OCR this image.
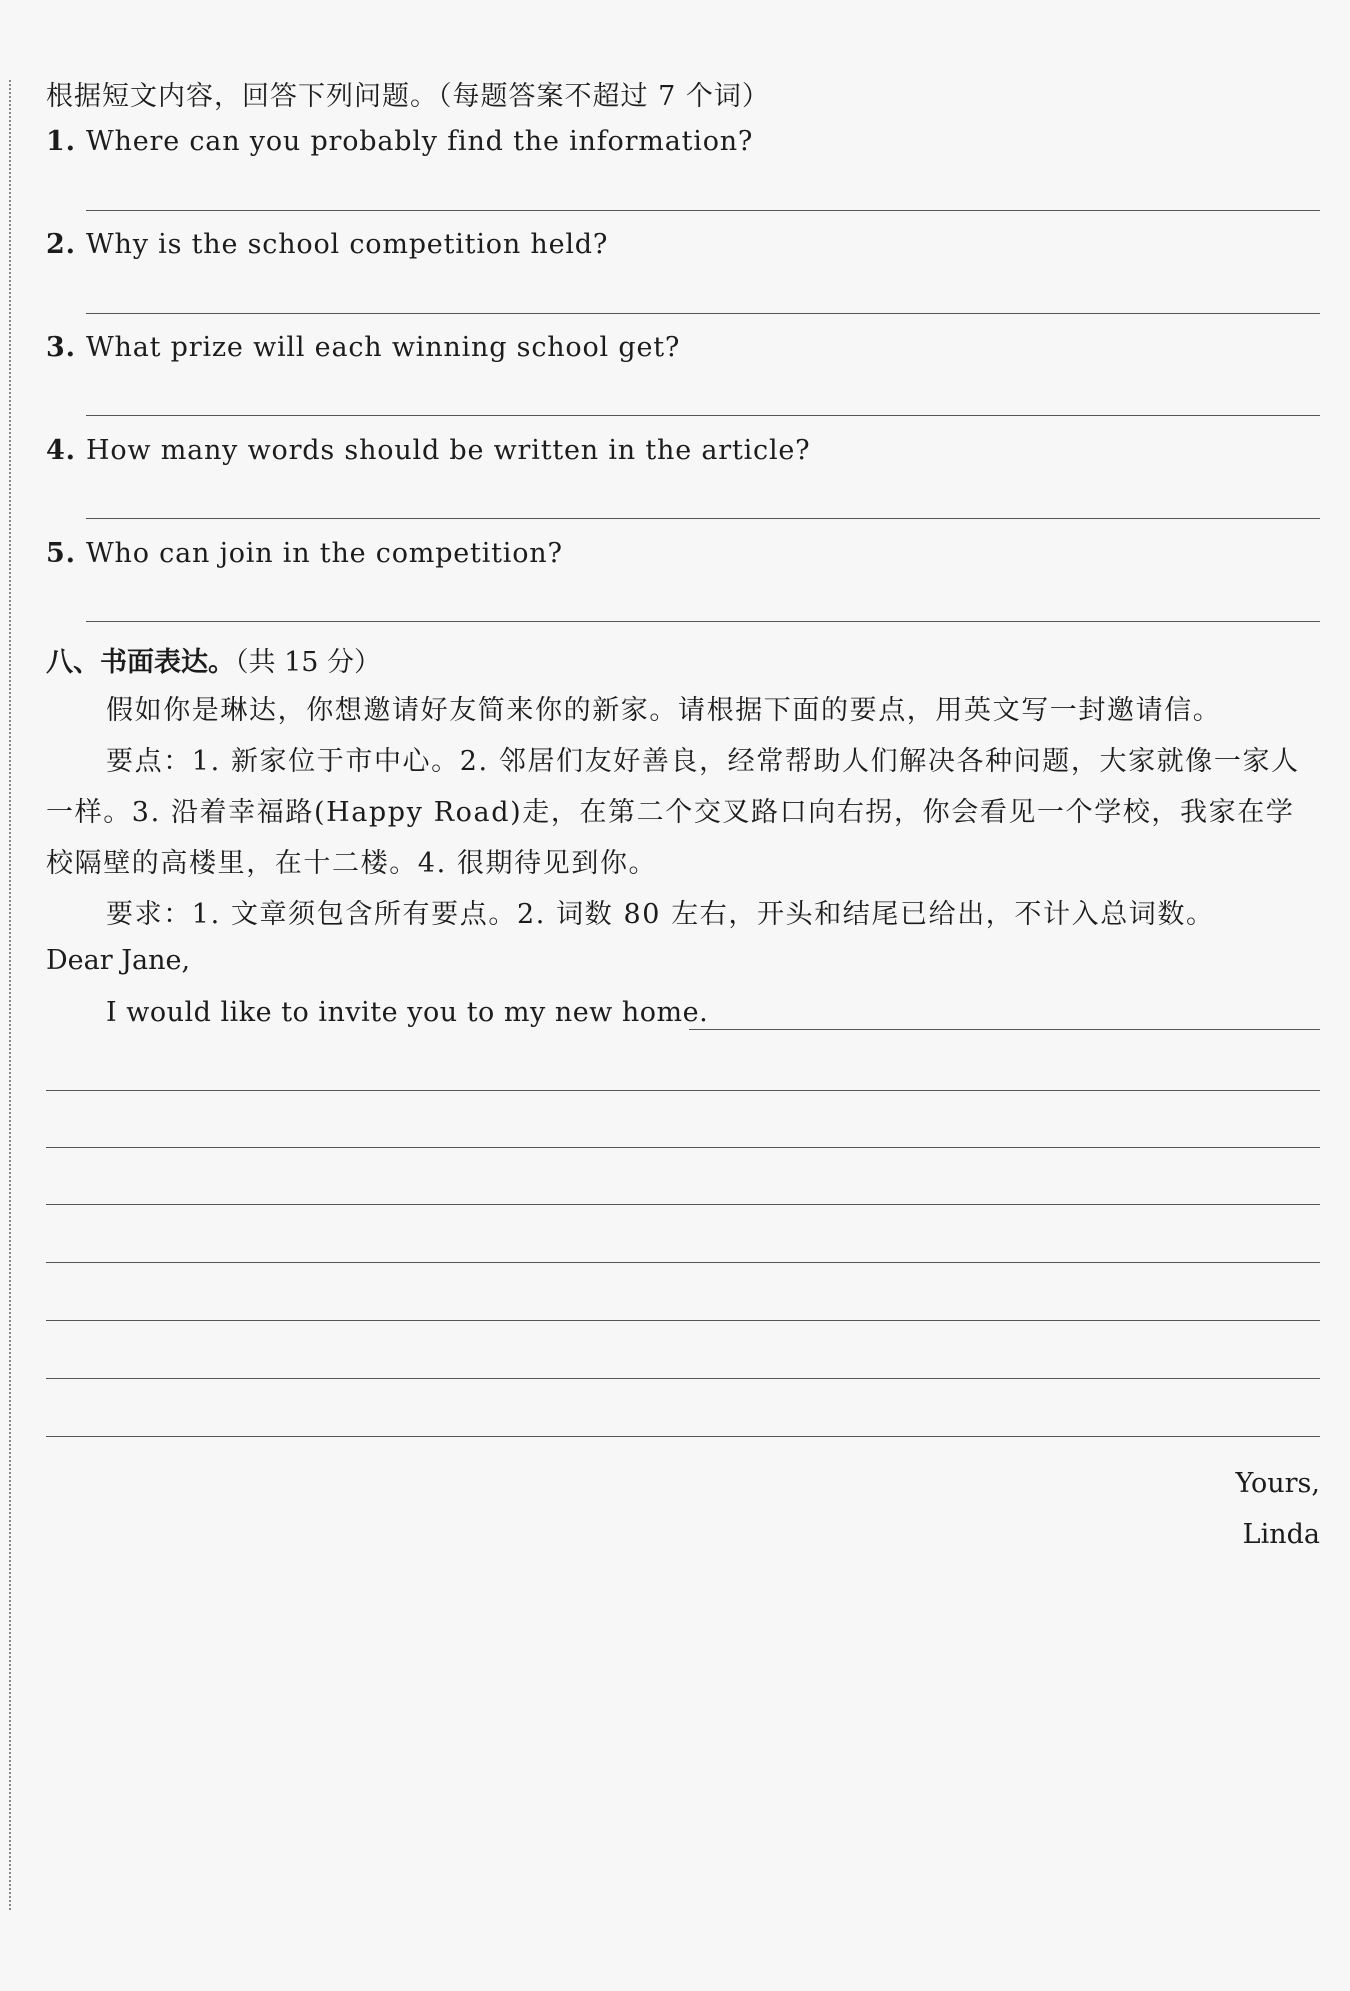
根据短文内容，回答下列问题。（每题答案不超过 7 个词）
1. Where can you probably find the information?
2. Why is the school competition held?
3. What prize will each winning school get?
4. How many words should be written in the article?
5. Who can join in the competition?
八、书面表达。（共 15 分）
假如你是琳达，你想邀请好友简来你的新家。请根据下面的要点，用英文写一封邀请信。
要点：1. 新家位于市中心。2. 邻居们友好善良，经常帮助人们解决各种问题，大家就像一家人一样。3. 沿着幸福路(Happy Road)走，在第二个交叉路口向右拐，你会看见一个学校，我家在学校隔壁的高楼里，在十二楼。4. 很期待见到你。
要求：1. 文章须包含所有要点。2. 词数 80 左右，开头和结尾已给出，不计入总词数。
Dear Jane,
I would like to invite you to my new home.
Yours,
Linda
